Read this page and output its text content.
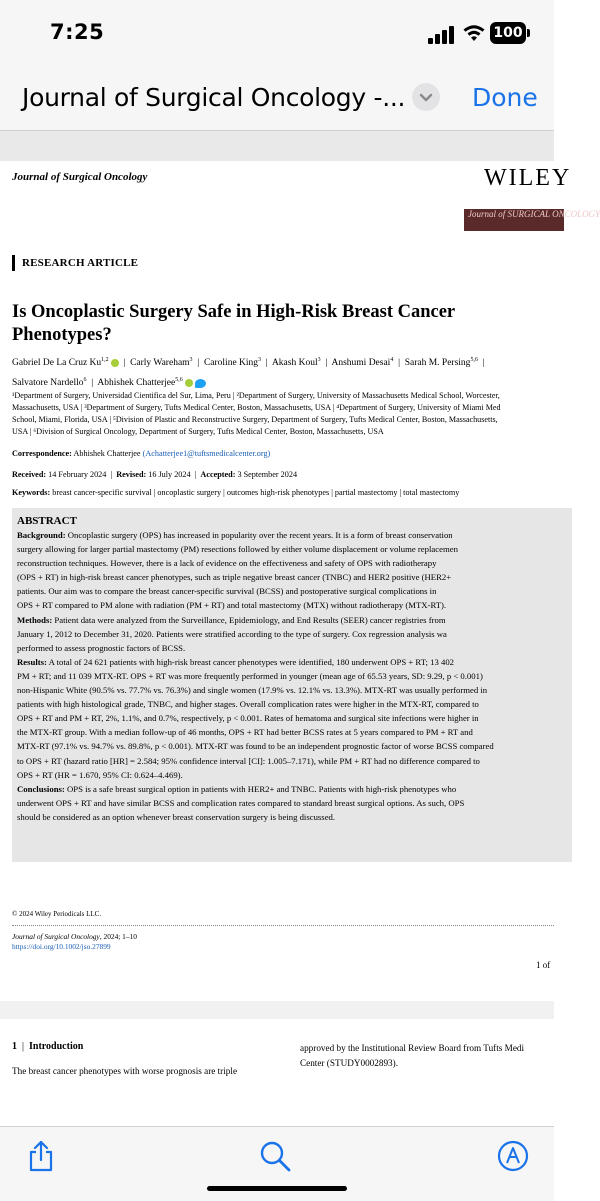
7:25	100
Journal of Surgical Oncology -...	Done
Journal of Surgical Oncology	WILEY
Journal of SURGICAL ONCOLOGY
RESEARCH ARTICLE
Is Oncoplastic Surgery Safe in High-Risk Breast Cancer
Phenotypes?
Gabriel De La Cruz Ku$^{1,2}$  |  Carly Wareham$^3$  |  Caroline King$^3$  |  Akash Koul$^3$  |  Anshumi Desai$^4$  |  Sarah M. Persing$^{5,6}$  |
Salvatore Nardello$^6$  |  Abhishek Chatterjee$^{5,6}$
¹Department of Surgery, Universidad Cientifica del Sur, Lima, Peru | ²Department of Surgery, University of Massachusetts Medical School, Worcester,
Massachusetts, USA | ³Department of Surgery, Tufts Medical Center, Boston, Massachusetts, USA | ⁴Department of Surgery, University of Miami Med
School, Miami, Florida, USA | ⁵Division of Plastic and Reconstructive Surgery, Department of Surgery, Tufts Medical Center, Boston, Massachusetts,
USA | ⁶Division of Surgical Oncology, Department of Surgery, Tufts Medical Center, Boston, Massachusetts, USA
Correspondence: Abhishek Chatterjee (Achatterjee1@tuftsmedicalcenter.org)
Received: 14 February 2024  |  Revised: 16 July 2024  |  Accepted: 3 September 2024
Keywords: breast cancer-specific survival | oncoplastic surgery | outcomes high-risk phenotypes | partial mastectomy | total mastectomy
ABSTRACT
Background: Oncoplastic surgery (OPS) has increased in popularity over the recent years. It is a form of breast conservation
surgery allowing for larger partial mastectomy (PM) resections followed by either volume displacement or volume replacemen
reconstruction techniques. However, there is a lack of evidence on the effectiveness and safety of OPS with radiotherapy
(OPS + RT) in high-risk breast cancer phenotypes, such as triple negative breast cancer (TNBC) and HER2 positive (HER2+
patients. Our aim was to compare the breast cancer-specific survival (BCSS) and postoperative surgical complications in
OPS + RT compared to PM alone with radiation (PM + RT) and total mastectomy (MTX) without radiotherapy (MTX-RT).
Methods: Patient data were analyzed from the Surveillance, Epidemiology, and End Results (SEER) cancer registries from
January 1, 2012 to December 31, 2020. Patients were stratified according to the type of surgery. Cox regression analysis wa
performed to assess prognostic factors of BCSS.
Results: A total of 24 621 patients with high-risk breast cancer phenotypes were identified, 180 underwent OPS + RT; 13 402
PM + RT; and 11 039 MTX-RT. OPS + RT was more frequently performed in younger (mean age of 65.53 years, SD: 9.29, p < 0.001)
non-Hispanic White (90.5% vs. 77.7% vs. 76.3%) and single women (17.9% vs. 12.1% vs. 13.3%). MTX-RT was usually performed in
patients with high histological grade, TNBC, and higher stages. Overall complication rates were higher in the MTX-RT, compared to
OPS + RT and PM + RT, 2%, 1.1%, and 0.7%, respectively, p < 0.001. Rates of hematoma and surgical site infections were higher in
the MTX-RT group. With a median follow-up of 46 months, OPS + RT had better BCSS rates at 5 years compared to PM + RT and
MTX-RT (97.1% vs. 94.7% vs. 89.8%, p < 0.001). MTX-RT was found to be an independent prognostic factor of worse BCSS compared
to OPS + RT (hazard ratio [HR] = 2.584; 95% confidence interval [CI]: 1.005–7.171), while PM + RT had no difference compared to
OPS + RT (HR = 1.670, 95% CI: 0.624–4.469).
Conclusions: OPS is a safe breast surgical option in patients with HER2+ and TNBC. Patients with high-risk phenotypes who
underwent OPS + RT and have similar BCSS and complication rates compared to standard breast surgical options. As such, OPS
should be considered as an option whenever breast conservation surgery is being discussed.
© 2024 Wiley Periodicals LLC.
Journal of Surgical Oncology, 2024; 1–10
https://doi.org/10.1002/jso.27899
1 of
1 | Introduction
The breast cancer phenotypes with worse prognosis are triple
approved by the Institutional Review Board from Tufts Medi
Center (STUDY0002893).
